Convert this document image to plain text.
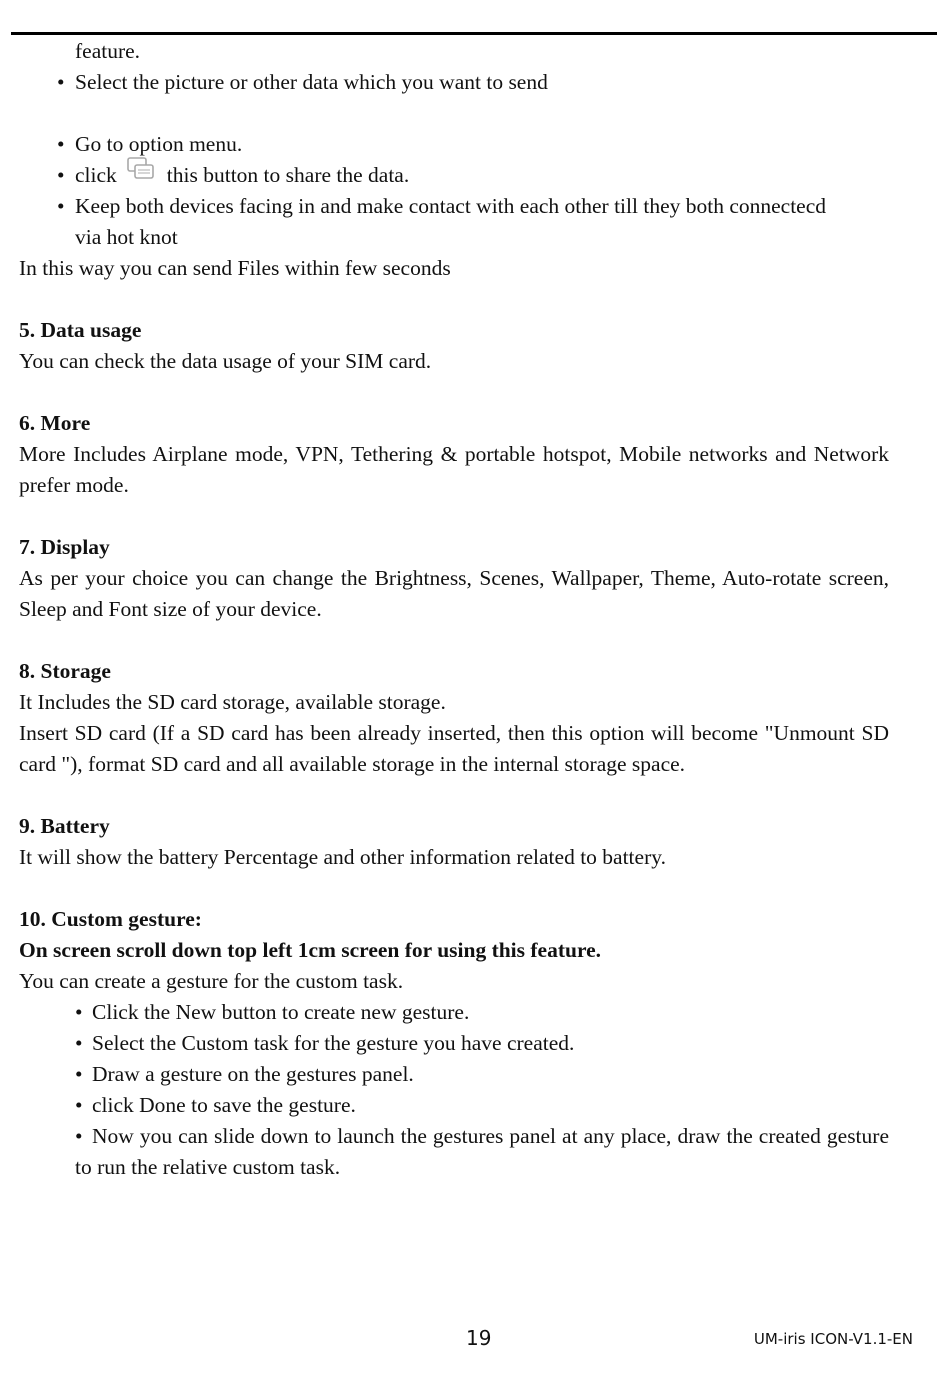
feature.

• Select the picture or other data which you want to send
• Go to option menu.
• click this button to share the data.
• Keep both devices facing in and make contact with each other till they both connectecd

via hot knot

In this way you can send Files within few seconds

5. Data usage

You can check the data usage of your SIM card.

6. More

More Includes Airplane mode, VPN, Tethering & portable hotspot, Mobile networks and Network prefer mode.

7. Display

As per your choice you can change the Brightness, Scenes, Wallpaper, Theme, Auto-rotate screen, Sleep and Font size of your device.

8. Storage

It Includes the SD card storage, available storage.

Insert SD card (If a SD card has been already inserted, then this option will become "Unmount SD card "), format SD card and all available storage in the internal storage space.

9. Battery

It will show the battery Percentage and other information related to battery.

10. Custom gesture:

On screen scroll down top left 1cm screen for using this feature.

You can create a gesture for the custom task.

• Click the New button to create new gesture.
• Select the Custom task for the gesture you have created.
• Draw a gesture on the gestures panel.
• click Done to save the gesture.
• Now you can slide down to launch the gestures panel at any place, draw the created gesture to run the relative custom task.
19	UM-iris ICON-V1.1-EN
